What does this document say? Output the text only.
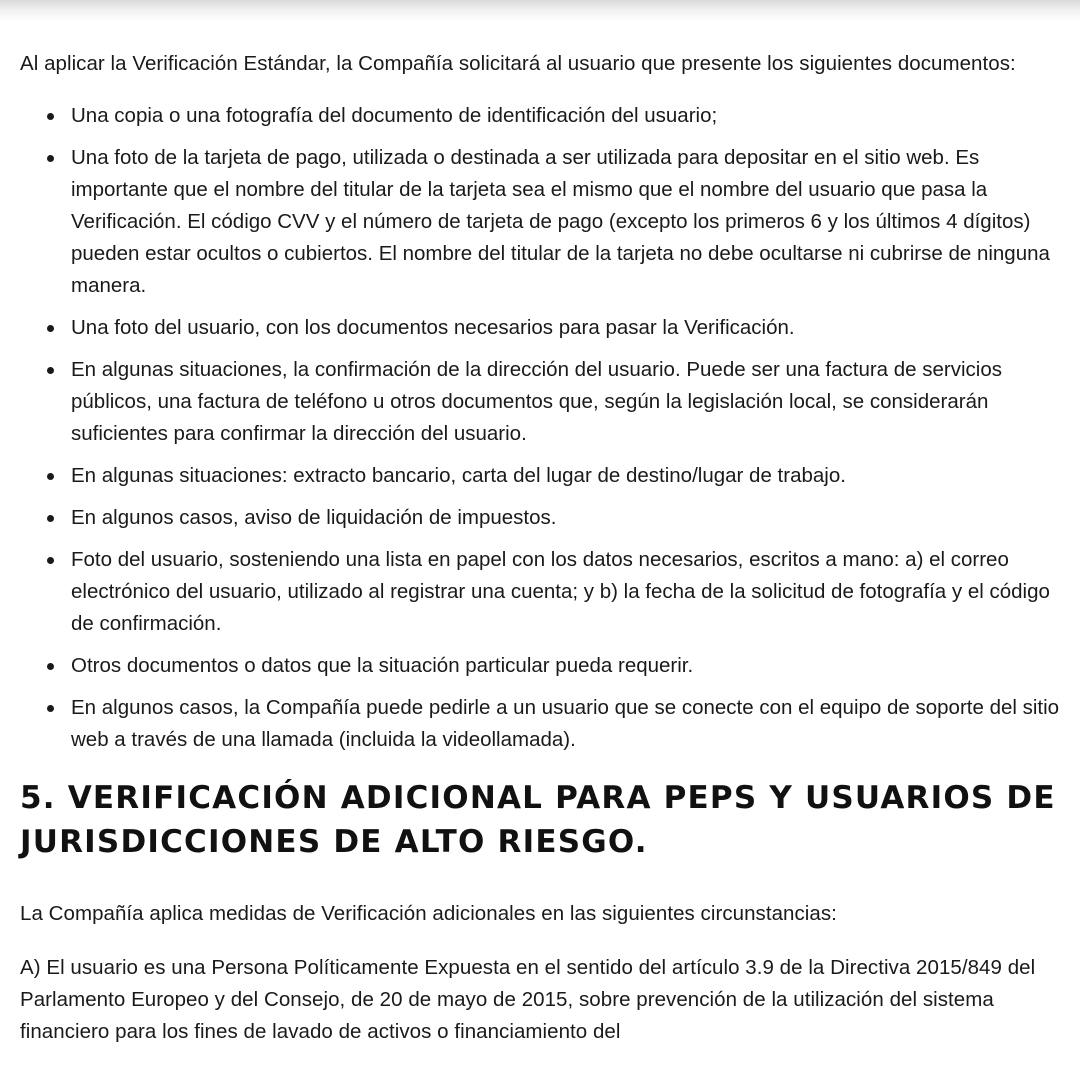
Al aplicar la Verificación Estándar, la Compañía solicitará al usuario que presente los siguientes documentos:

Una copia o una fotografía del documento de identificación del usuario;
Una foto de la tarjeta de pago, utilizada o destinada a ser utilizada para depositar en el sitio web. Es importante que el nombre del titular de la tarjeta sea el mismo que el nombre del usuario que pasa la Verificación. El código CVV y el número de tarjeta de pago (excepto los primeros 6 y los últimos 4 dígitos) pueden estar ocultos o cubiertos. El nombre del titular de la tarjeta no debe ocultarse ni cubrirse de ninguna manera.
Una foto del usuario, con los documentos necesarios para pasar la Verificación.
En algunas situaciones, la confirmación de la dirección del usuario. Puede ser una factura de servicios públicos, una factura de teléfono u otros documentos que, según la legislación local, se considerarán suficientes para confirmar la dirección del usuario.
En algunas situaciones: extracto bancario, carta del lugar de destino/lugar de trabajo.
En algunos casos, aviso de liquidación de impuestos.
Foto del usuario, sosteniendo una lista en papel con los datos necesarios, escritos a mano: a) el correo electrónico del usuario, utilizado al registrar una cuenta; y b) la fecha de la solicitud de fotografía y el código de confirmación.
Otros documentos o datos que la situación particular pueda requerir.
En algunos casos, la Compañía puede pedirle a un usuario que se conecte con el equipo de soporte del sitio web a través de una llamada (incluida la videollamada).
5. VERIFICACIÓN ADICIONAL PARA PEPS Y USUARIOS DE JURISDICCIONES DE ALTO RIESGO.

La Compañía aplica medidas de Verificación adicionales en las siguientes circunstancias:

A) El usuario es una Persona Políticamente Expuesta en el sentido del artículo 3.9 de la Directiva 2015/849 del Parlamento Europeo y del Consejo, de 20 de mayo de 2015, sobre prevención de la utilización del sistema financiero para los fines de lavado de activos o financiamiento del
